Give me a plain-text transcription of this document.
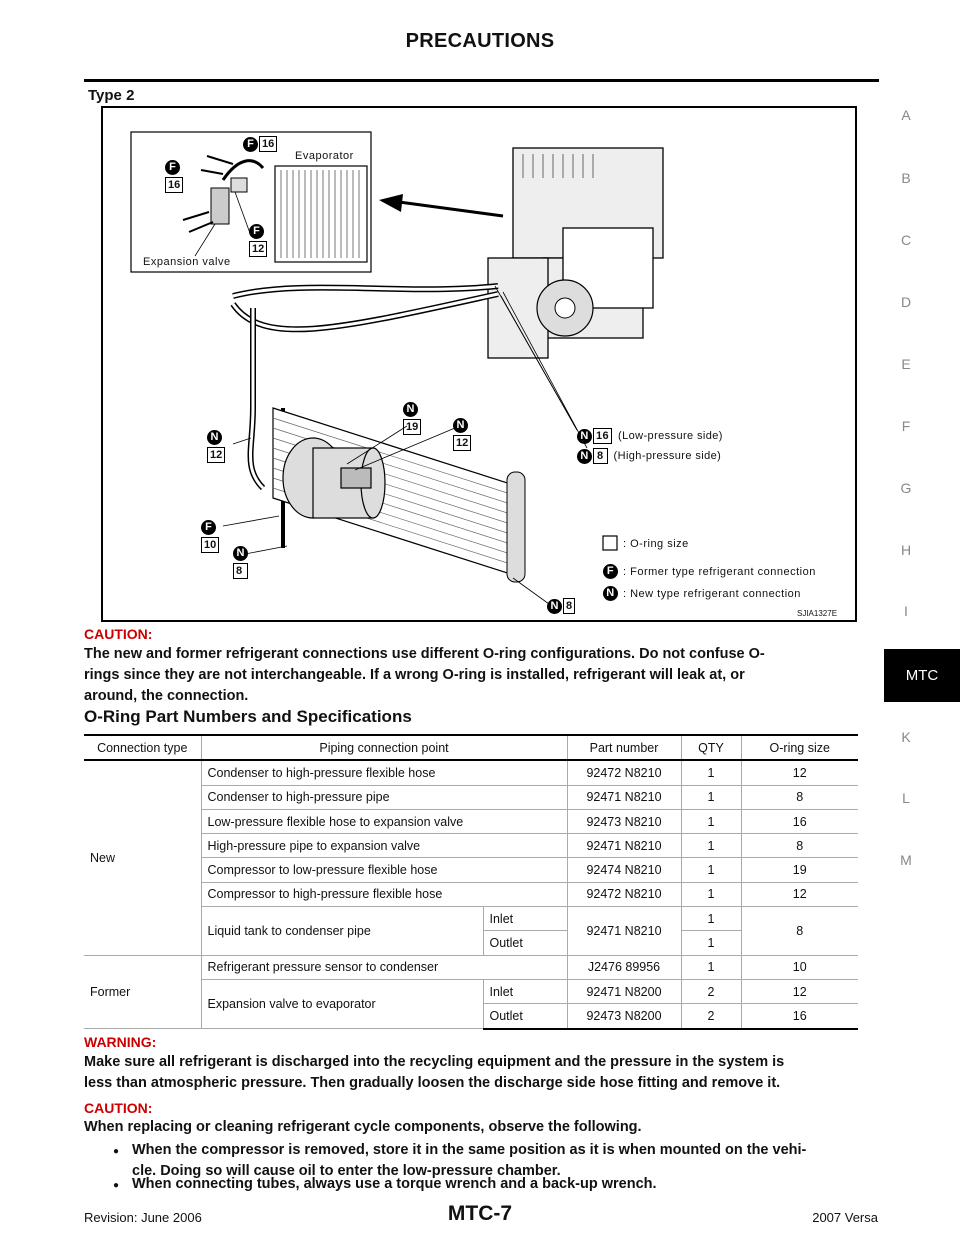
PRECAUTIONS
A
B
C
D
E
F
G
H
I
MTC
K
L
M
Type 2
F 16
F
16
F
12
Evaporator
Expansion valve
N
12
N
19	N
12
F
10
N
8
N 8
N 16 (Low-pressure side)
N 8 (High-pressure side)
: O-ring size
F : Former type refrigerant connection
N : New type refrigerant connection
SJIA1327E
CAUTION:
The new and former refrigerant connections use different O-ring configurations. Do not confuse O-
rings since they are not interchangeable. If a wrong O-ring is installed, refrigerant will leak at, or
around, the connection.
O-Ring Part Numbers and Specifications
Connection type	Piping connection point		Part number	QTY	O-ring size
New	Condenser to high-pressure flexible hose		92472 N8210	1	12
	Condenser to high-pressure pipe		92471 N8210	1	8
	Low-pressure flexible hose to expansion valve		92473 N8210	1	16
	High-pressure pipe to expansion valve		92471 N8210	1	8
	Compressor to low-pressure flexible hose		92474 N8210	1	19
	Compressor to high-pressure flexible hose		92472 N8210	1	12
	Liquid tank to condenser pipe	Inlet	92471 N8210	1	8
		Outlet		1	
Former	Refrigerant pressure sensor to condenser		J2476 89956	1	10
	Expansion valve to evaporator	Inlet	92471 N8200	2	12
		Outlet	92473 N8200	2	16
WARNING:
Make sure all refrigerant is discharged into the recycling equipment and the pressure in the system is
less than atmospheric pressure. Then gradually loosen the discharge side hose fitting and remove it.
CAUTION:
When replacing or cleaning refrigerant cycle components, observe the following.
● When the compressor is removed, store it in the same position as it is when mounted on the vehi-
cle. Doing so will cause oil to enter the low-pressure chamber.
● When connecting tubes, always use a torque wrench and a back-up wrench.
Revision: June 2006	MTC-7	2007 Versa
